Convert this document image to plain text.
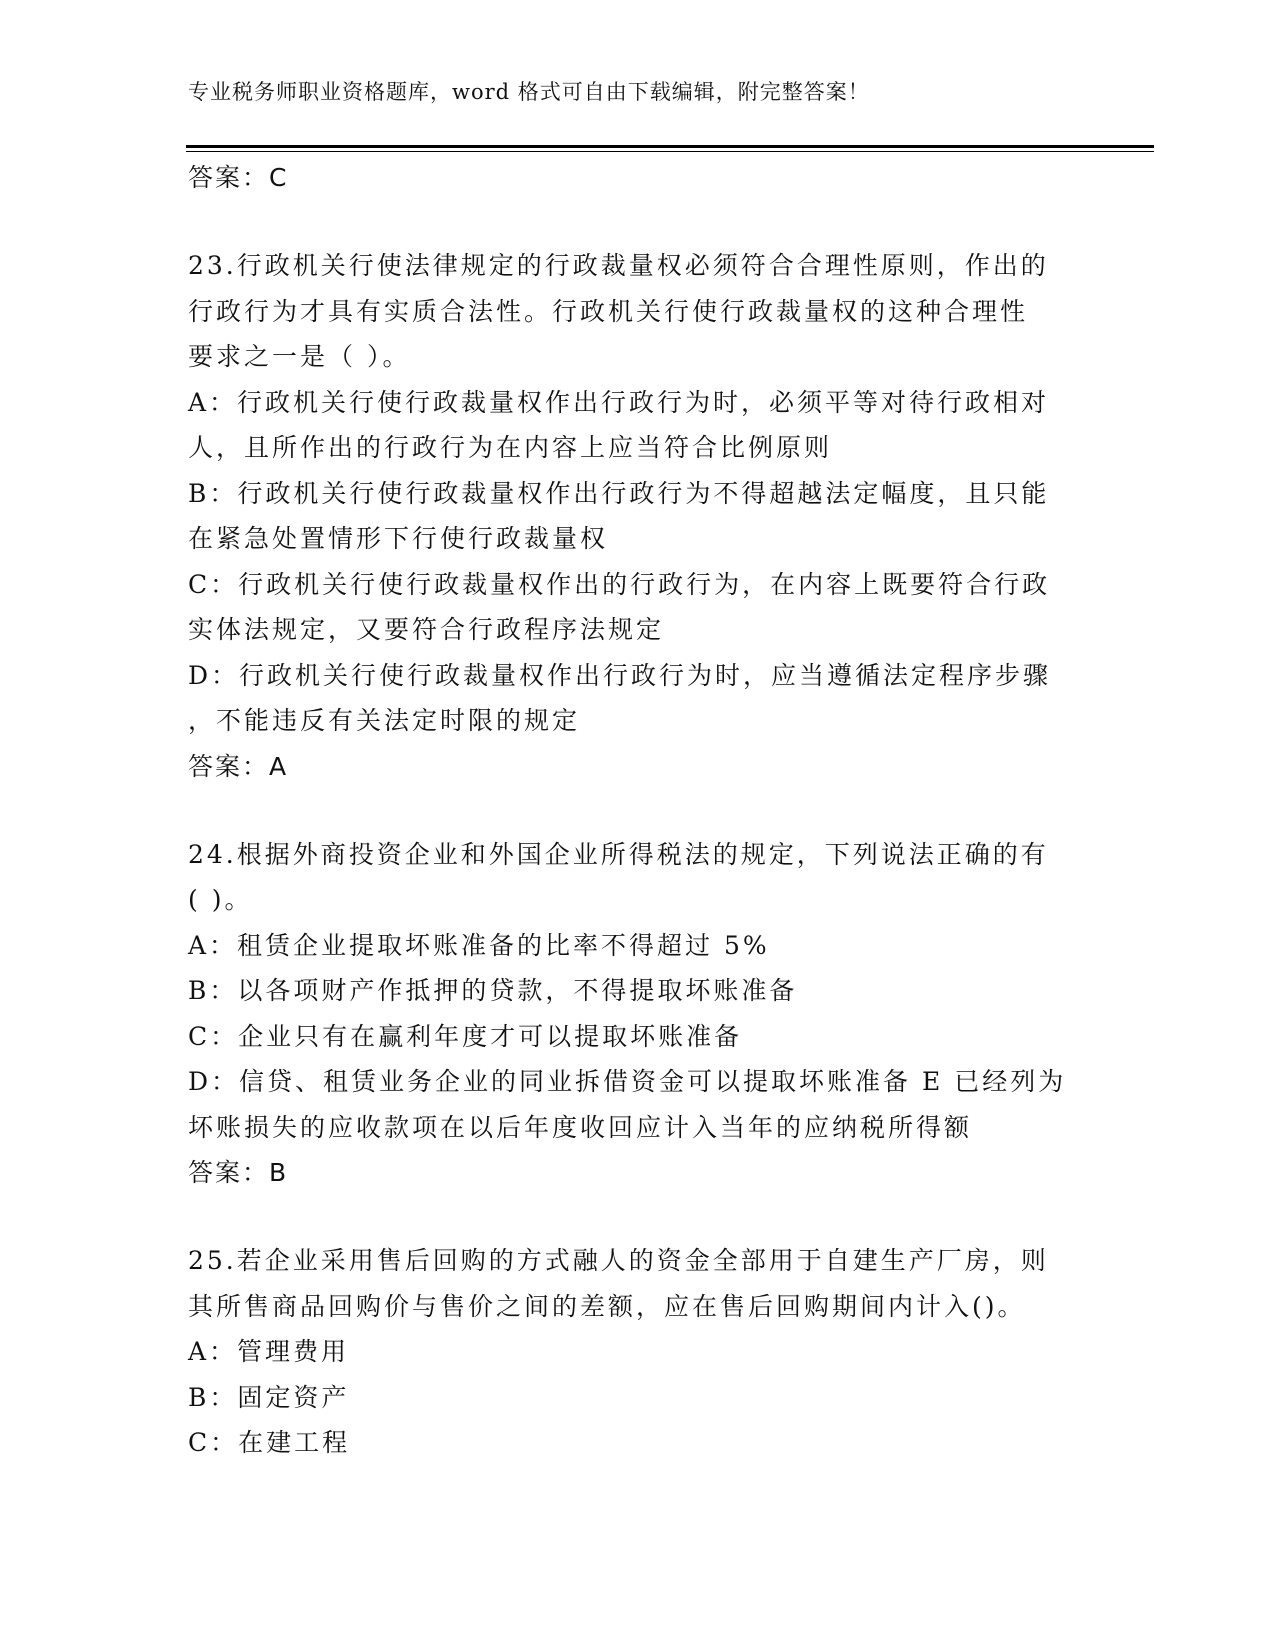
专业税务师职业资格题库，word 格式可自由下载编辑，附完整答案！
答案：C
23.行政机关行使法律规定的行政裁量权必须符合合理性原则，作出的
行政行为才具有实质合法性。行政机关行使行政裁量权的这种合理性
要求之一是（ ）。
A：行政机关行使行政裁量权作出行政行为时，必须平等对待行政相对
人，且所作出的行政行为在内容上应当符合比例原则
B：行政机关行使行政裁量权作出行政行为不得超越法定幅度，且只能
在紧急处置情形下行使行政裁量权
C：行政机关行使行政裁量权作出的行政行为，在内容上既要符合行政
实体法规定，又要符合行政程序法规定
D：行政机关行使行政裁量权作出行政行为时，应当遵循法定程序步骤
，不能违反有关法定时限的规定
答案：A
24.根据外商投资企业和外国企业所得税法的规定，下列说法正确的有
( )。
A：租赁企业提取坏账准备的比率不得超过 5%
B：以各项财产作抵押的贷款，不得提取坏账准备
C：企业只有在赢利年度才可以提取坏账准备
D：信贷、租赁业务企业的同业拆借资金可以提取坏账准备 E 已经列为
坏账损失的应收款项在以后年度收回应计入当年的应纳税所得额
答案：B
25.若企业采用售后回购的方式融人的资金全部用于自建生产厂房，则
其所售商品回购价与售价之间的差额，应在售后回购期间内计入()。
A：管理费用
B：固定资产
C：在建工程
